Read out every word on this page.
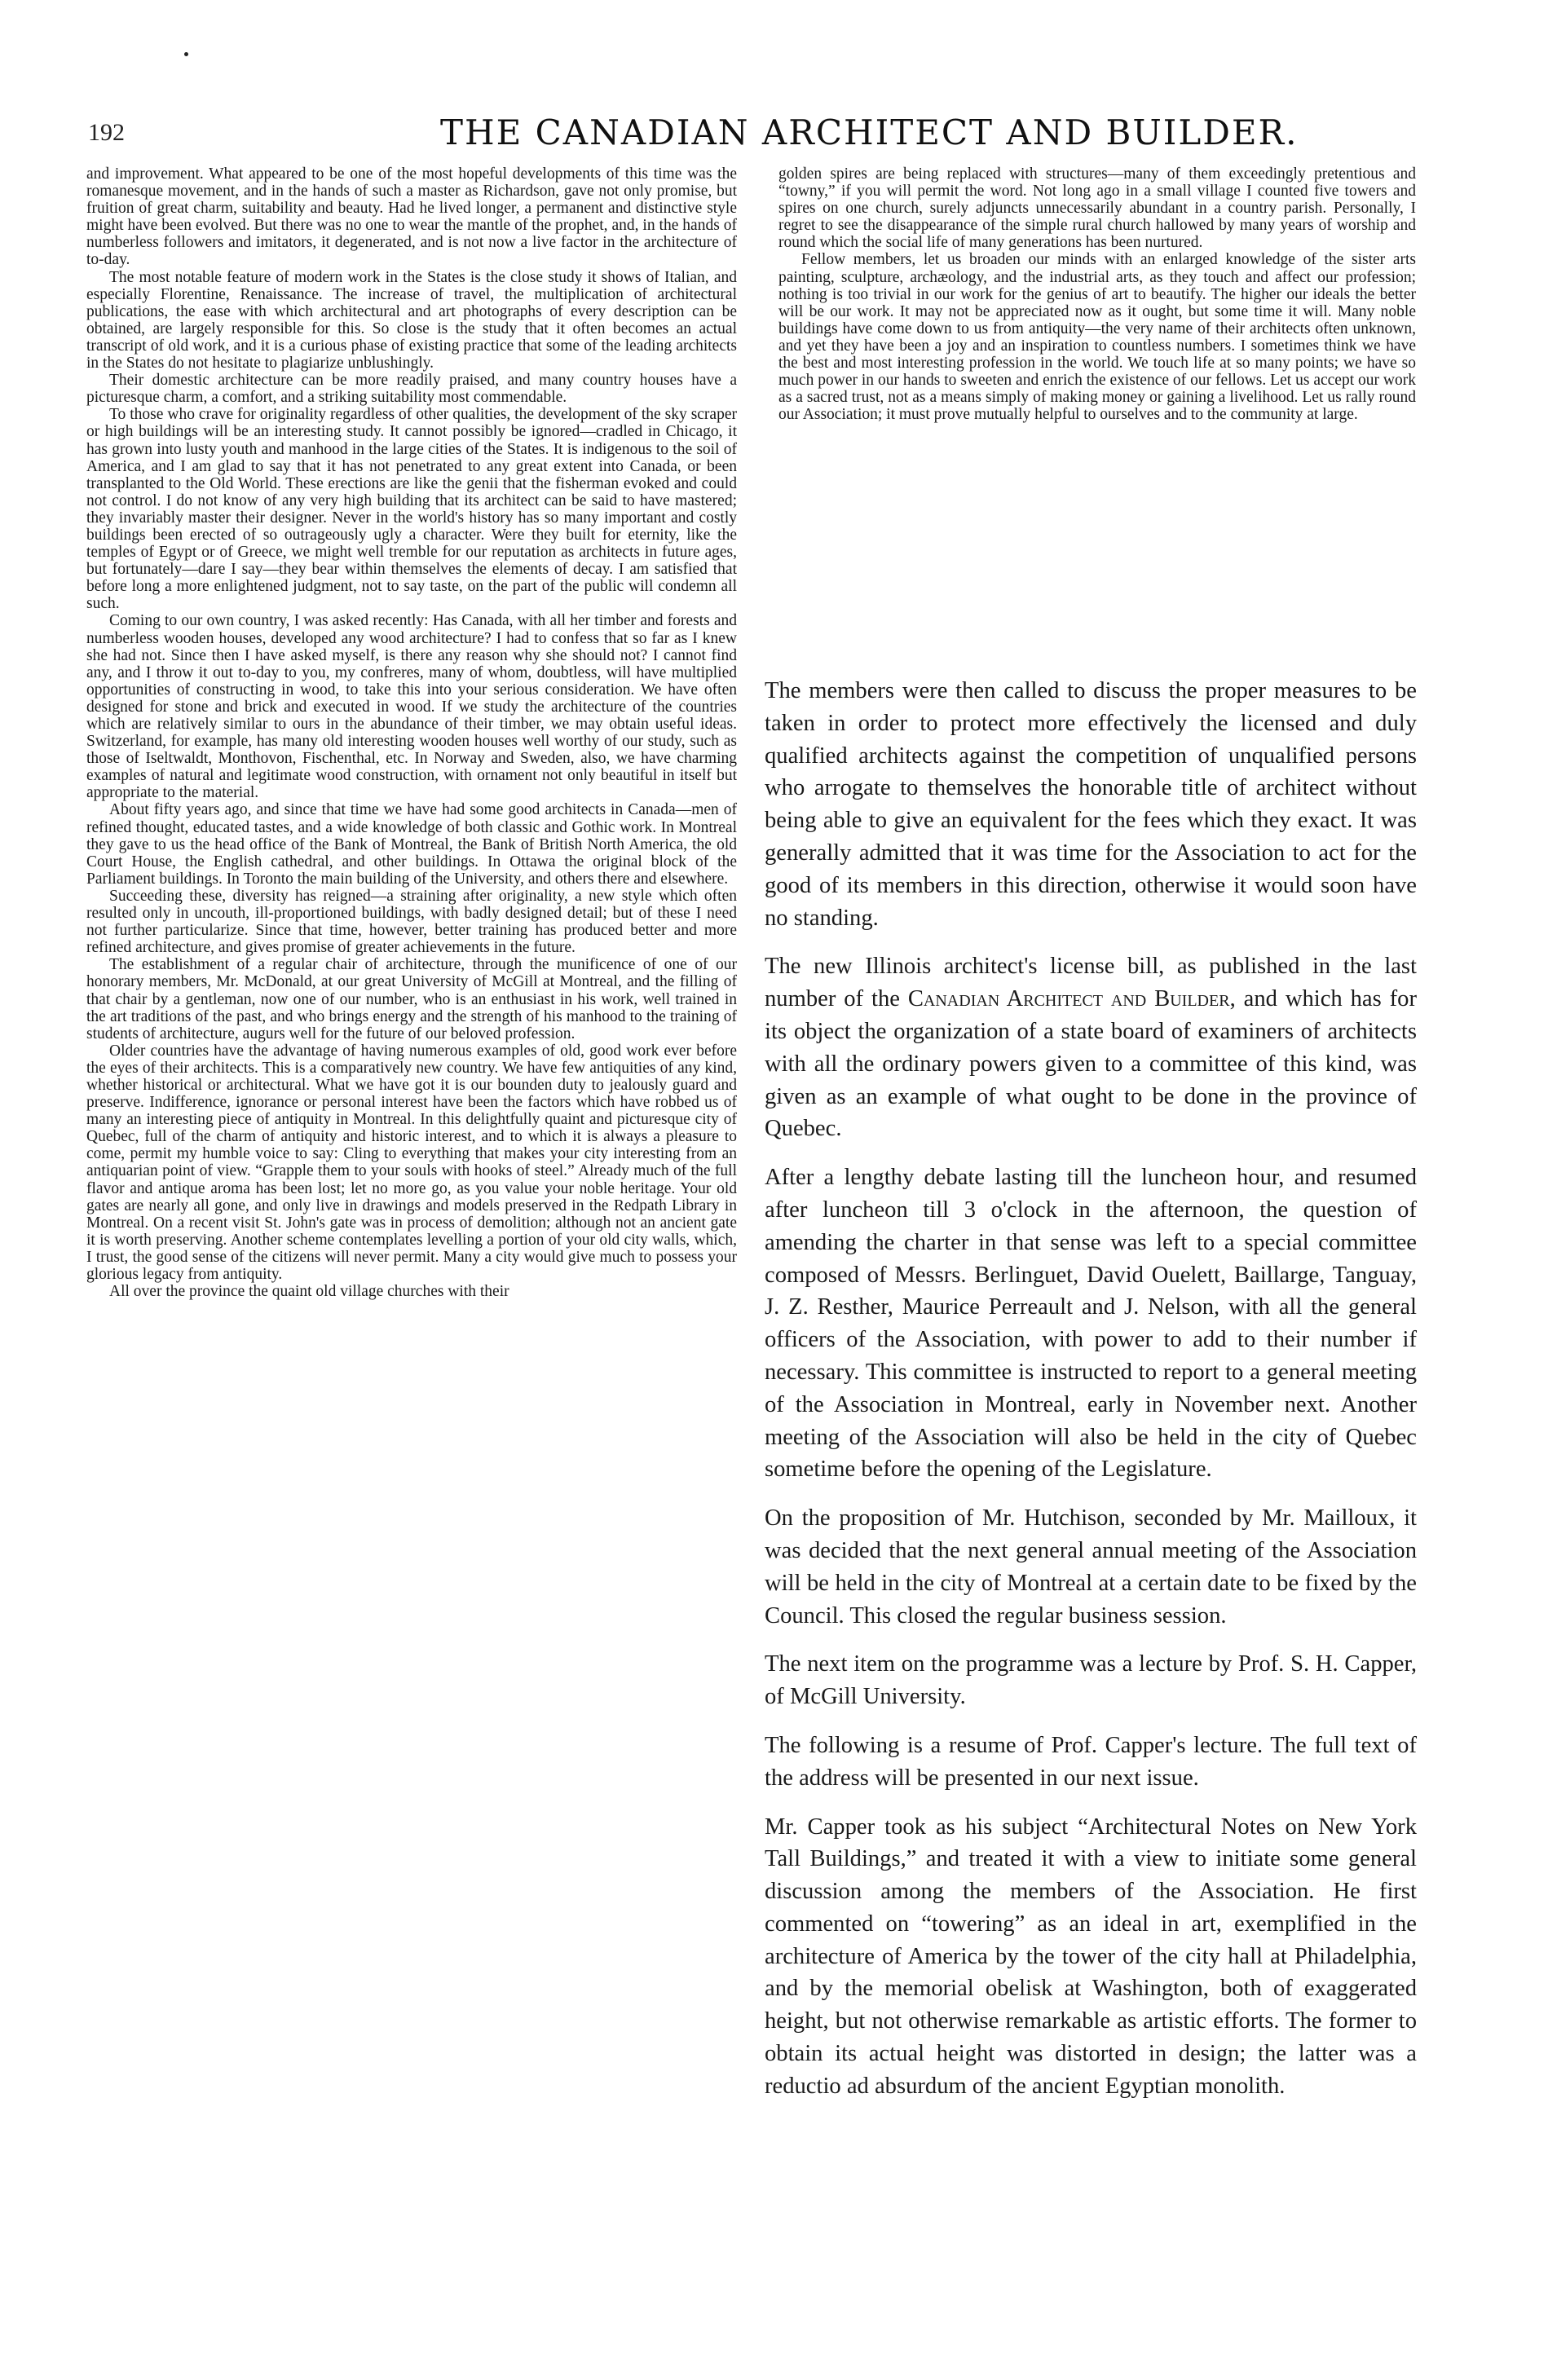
192	THE CANADIAN ARCHITECT AND BUILDER.

and improvement. What appeared to be one of the most hopeful developments of this time was the romanesque movement, and in the hands of such a master as Richardson, gave not only promise, but fruition of great charm, suitability and beauty. Had he lived longer, a permanent and distinctive style might have been evolved. But there was no one to wear the mantle of the prophet, and, in the hands of numberless followers and imitators, it degenerated, and is not now a live factor in the architecture of to-day.

The most notable feature of modern work in the States is the close study it shows of Italian, and especially Florentine, Renaissance. The increase of travel, the multiplication of architectural publications, the ease with which architectural and art photographs of every description can be obtained, are largely responsible for this. So close is the study that it often becomes an actual transcript of old work, and it is a curious phase of existing practice that some of the leading architects in the States do not hesitate to plagiarize unblushingly.

Their domestic architecture can be more readily praised, and many country houses have a picturesque charm, a comfort, and a striking suitability most commendable.

To those who crave for originality regardless of other qualities, the development of the sky scraper or high buildings will be an interesting study. It cannot possibly be ignored—cradled in Chicago, it has grown into lusty youth and manhood in the large cities of the States. It is indigenous to the soil of America, and I am glad to say that it has not penetrated to any great extent into Canada, or been transplanted to the Old World. These erections are like the genii that the fisherman evoked and could not control. I do not know of any very high building that its architect can be said to have mastered; they invariably master their designer. Never in the world's history has so many important and costly buildings been erected of so outrageously ugly a character. Were they built for eternity, like the temples of Egypt or of Greece, we might well tremble for our reputation as architects in future ages, but fortunately—dare I say—they bear within themselves the elements of decay. I am satisfied that before long a more enlightened judgment, not to say taste, on the part of the public will condemn all such.

Coming to our own country, I was asked recently: Has Canada, with all her timber and forests and numberless wooden houses, developed any wood architecture? I had to confess that so far as I knew she had not. Since then I have asked myself, is there any reason why she should not? I cannot find any, and I throw it out to-day to you, my confreres, many of whom, doubtless, will have multiplied opportunities of constructing in wood, to take this into your serious consideration. We have often designed for stone and brick and executed in wood. If we study the architecture of the countries which are relatively similar to ours in the abundance of their timber, we may obtain useful ideas. Switzerland, for example, has many old interesting wooden houses well worthy of our study, such as those of Iseltwaldt, Monthovon, Fischenthal, etc. In Norway and Sweden, also, we have charming examples of natural and legitimate wood construction, with ornament not only beautiful in itself but appropriate to the material.

About fifty years ago, and since that time we have had some good architects in Canada—men of refined thought, educated tastes, and a wide knowledge of both classic and Gothic work. In Montreal they gave to us the head office of the Bank of Montreal, the Bank of British North America, the old Court House, the English cathedral, and other buildings. In Ottawa the original block of the Parliament buildings. In Toronto the main building of the University, and others there and elsewhere.

Succeeding these, diversity has reigned—a straining after originality, a new style which often resulted only in uncouth, ill-proportioned buildings, with badly designed detail; but of these I need not further particularize. Since that time, however, better training has produced better and more refined architecture, and gives promise of greater achievements in the future.

The establishment of a regular chair of architecture, through the munificence of one of our honorary members, Mr. McDonald, at our great University of McGill at Montreal, and the filling of that chair by a gentleman, now one of our number, who is an enthusiast in his work, well trained in the art traditions of the past, and who brings energy and the strength of his manhood to the training of students of architecture, augurs well for the future of our beloved profession.

Older countries have the advantage of having numerous examples of old, good work ever before the eyes of their architects. This is a comparatively new country. We have few antiquities of any kind, whether historical or architectural. What we have got it is our bounden duty to jealously guard and preserve. Indifference, ignorance or personal interest have been the factors which have robbed us of many an interesting piece of antiquity in Montreal. In this delightfully quaint and picturesque city of Quebec, full of the charm of antiquity and historic interest, and to which it is always a pleasure to come, permit my humble voice to say: Cling to everything that makes your city interesting from an antiquarian point of view. “Grapple them to your souls with hooks of steel.” Already much of the full flavor and antique aroma has been lost; let no more go, as you value your noble heritage. Your old gates are nearly all gone, and only live in drawings and models preserved in the Redpath Library in Montreal. On a recent visit St. John's gate was in process of demolition; although not an ancient gate it is worth preserving. Another scheme contemplates levelling a portion of your old city walls, which, I trust, the good sense of the citizens will never permit. Many a city would give much to possess your glorious legacy from antiquity.

All over the province the quaint old village churches with their

golden spires are being replaced with structures—many of them exceedingly pretentious and “towny,” if you will permit the word. Not long ago in a small village I counted five towers and spires on one church, surely adjuncts unnecessarily abundant in a country parish. Personally, I regret to see the disappearance of the simple rural church hallowed by many years of worship and round which the social life of many generations has been nurtured.

Fellow members, let us broaden our minds with an enlarged knowledge of the sister arts painting, sculpture, archæology, and the industrial arts, as they touch and affect our profession; nothing is too trivial in our work for the genius of art to beautify. The higher our ideals the better will be our work. It may not be appreciated now as it ought, but some time it will. Many noble buildings have come down to us from antiquity—the very name of their architects often unknown, and yet they have been a joy and an inspiration to countless numbers. I sometimes think we have the best and most interesting profession in the world. We touch life at so many points; we have so much power in our hands to sweeten and enrich the existence of our fellows. Let us accept our work as a sacred trust, not as a means simply of making money or gaining a livelihood. Let us rally round our Association; it must prove mutually helpful to ourselves and to the community at large.

The members were then called to discuss the proper measures to be taken in order to protect more effectively the licensed and duly qualified architects against the competition of unqualified persons who arrogate to themselves the honorable title of architect without being able to give an equivalent for the fees which they exact. It was generally admitted that it was time for the Association to act for the good of its members in this direction, otherwise it would soon have no standing.

The new Illinois architect's license bill, as published in the last number of the Canadian Architect and Builder, and which has for its object the organization of a state board of examiners of architects with all the ordinary powers given to a committee of this kind, was given as an example of what ought to be done in the province of Quebec.

After a lengthy debate lasting till the luncheon hour, and resumed after luncheon till 3 o'clock in the afternoon, the question of amending the charter in that sense was left to a special committee composed of Messrs. Berlinguet, David Ouelett, Baillarge, Tanguay, J. Z. Resther, Maurice Perreault and J. Nelson, with all the general officers of the Association, with power to add to their number if necessary. This committee is instructed to report to a general meeting of the Association in Montreal, early in November next. Another meeting of the Association will also be held in the city of Quebec sometime before the opening of the Legislature.

On the proposition of Mr. Hutchison, seconded by Mr. Mailloux, it was decided that the next general annual meeting of the Association will be held in the city of Montreal at a certain date to be fixed by the Council. This closed the regular business session.

The next item on the programme was a lecture by Prof. S. H. Capper, of McGill University.

The following is a resume of Prof. Capper's lecture. The full text of the address will be presented in our next issue.

Mr. Capper took as his subject “Architectural Notes on New York Tall Buildings,” and treated it with a view to initiate some general discussion among the members of the Association. He first commented on “towering” as an ideal in art, exemplified in the architecture of America by the tower of the city hall at Philadelphia, and by the memorial obelisk at Washington, both of exaggerated height, but not otherwise remarkable as artistic efforts. The former to obtain its actual height was distorted in design; the latter was a reductio ad absurdum of the ancient Egyptian monolith.
